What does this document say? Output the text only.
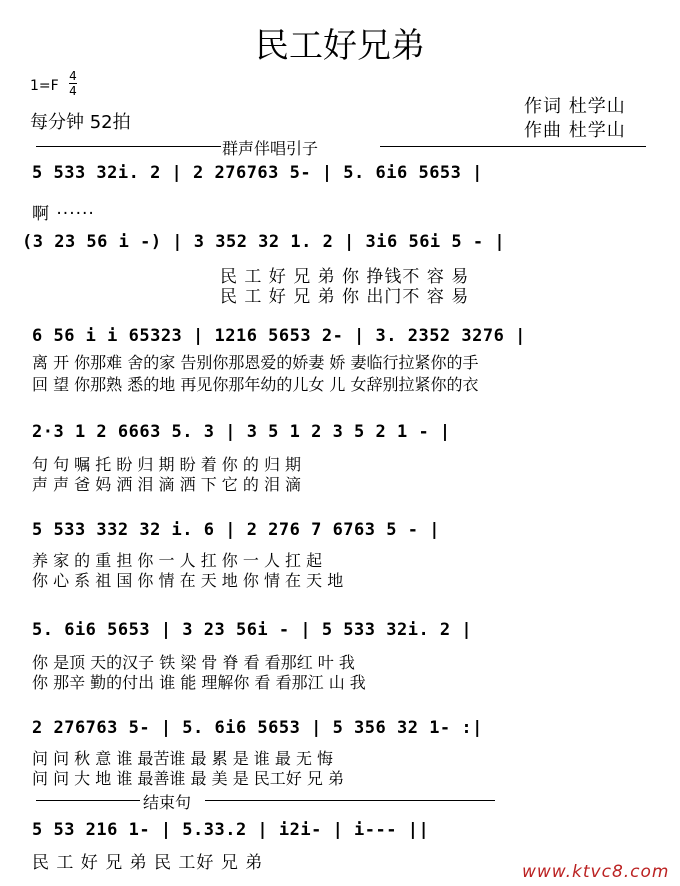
民工好兄弟
1=F
4
4
每分钟 52拍
作词 杜学山
作曲 杜学山
群声伴唱引子
5 533 32i. 2 | 2 276763 5- | 5. 6i6 5653 |
啊 ······
(3 23 56 i -) | 3 352 32 1. 2 | 3i6 56i 5 - |
民 工 好 兄 弟 你 挣钱不 容 易
民 工 好 兄 弟 你 出门不 容 易
6 56 i i 65323 | 1216 5653 2- | 3. 2352 3276 |
离 开 你那难 舍的家 告别你那恩爱的娇妻 娇 妻临行拉紧你的手
回 望 你那熟 悉的地 再见你那年幼的儿女 儿 女辞别拉紧你的衣
2·3 1 2 6663 5. 3 | 3 5 1 2 3 5 2 1 - |
句 句 嘱 托 盼 归 期 盼 着 你 的 归 期
声 声 爸 妈 洒 泪 滴 洒 下 它 的 泪 滴
5 533 332 32 i. 6 | 2 276 7 6763 5 - |
养 家 的 重 担 你 一 人 扛 你 一 人 扛 起
你 心 系 祖 国 你 情 在 天 地 你 情 在 天 地
5. 6i6 5653 | 3 23 56i - | 5 533 32i. 2 |
你 是顶 天的汉子 铁 梁 骨 脊 看 看那红 叶 我
你 那辛 勤的付出 谁 能 理解你 看 看那江 山 我
2 276763 5- | 5. 6i6 5653 | 5 356 32 1- :|
问 问 秋 意 谁 最苦谁 最 累 是 谁 最 无 悔
问 问 大 地 谁 最善谁 最 美 是 民工好 兄 弟
结束句
5 53 216 1- | 5.33.2 | i2i- | i--- ||
民 工 好 兄 弟 民 工好 兄 弟	www.ktvc8.com
